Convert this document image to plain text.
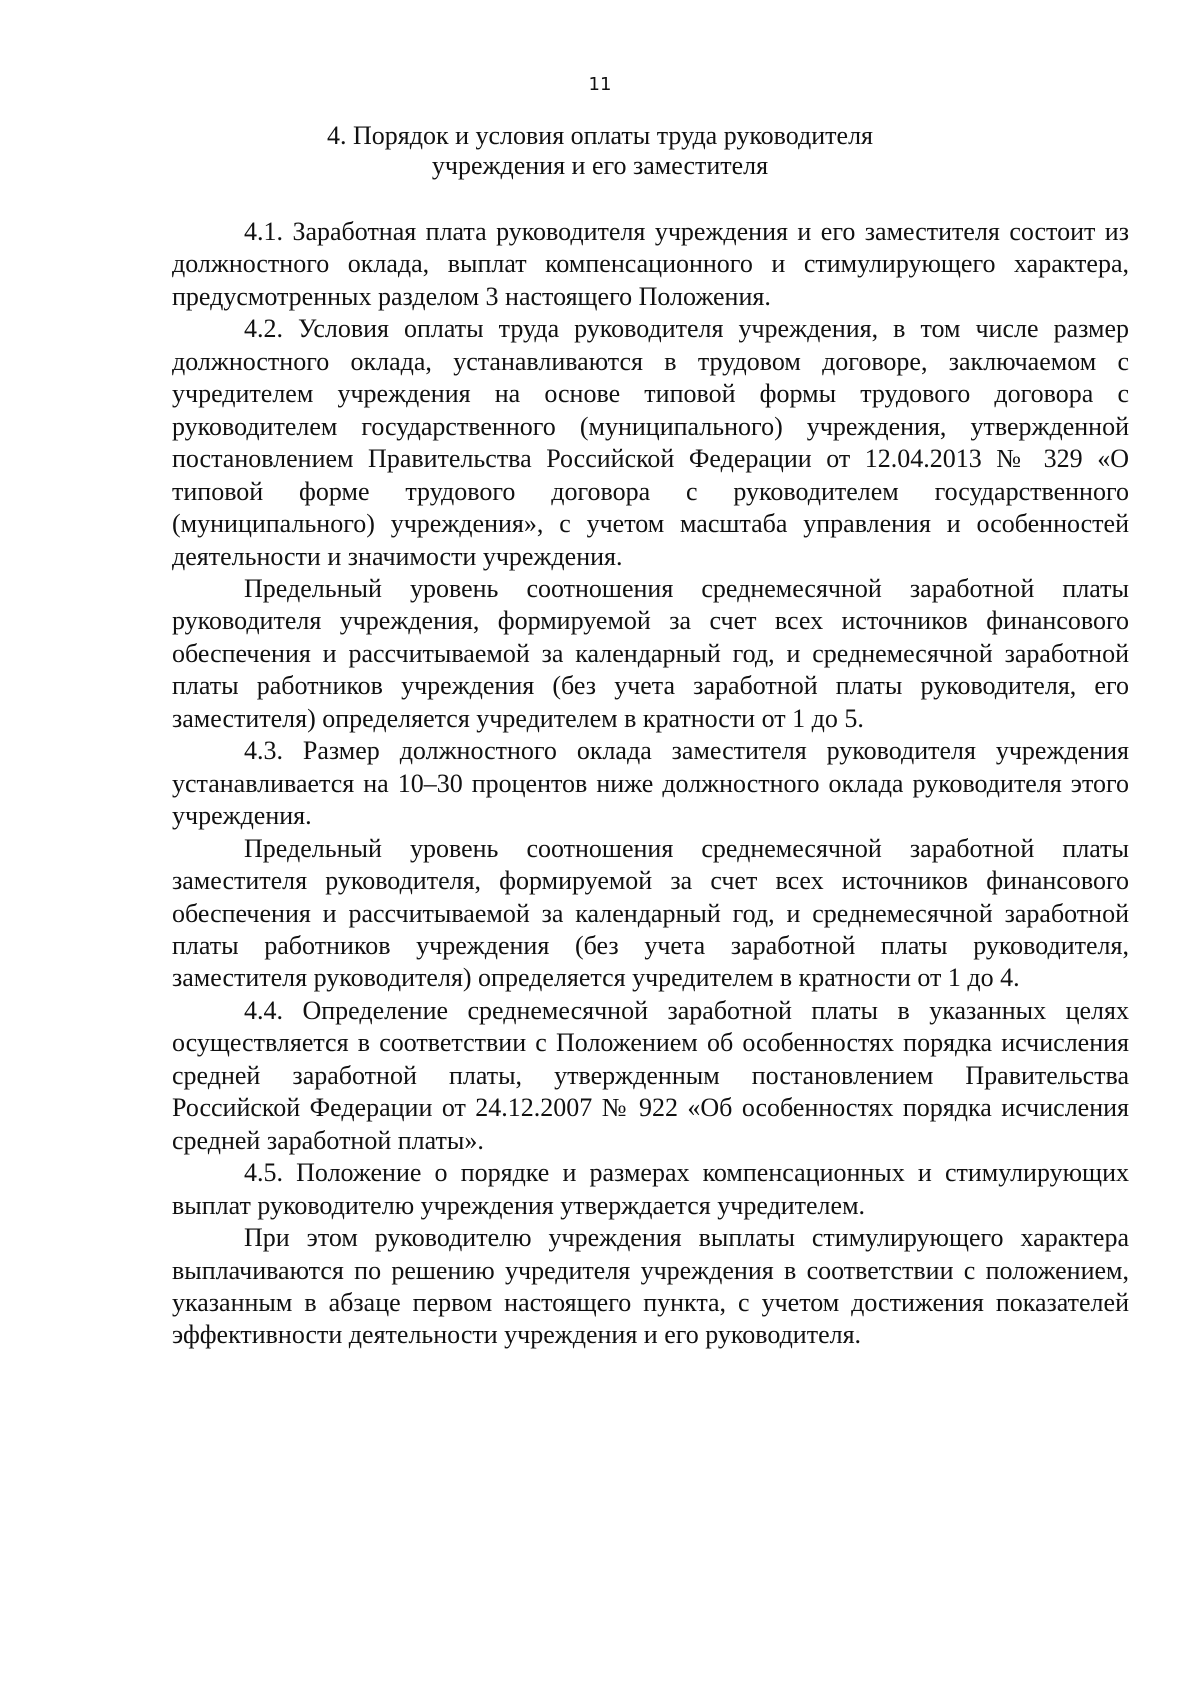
11
4. Порядок и условия оплаты труда руководителя
учреждения и его заместителя

4.1. Заработная плата руководителя учреждения и его заместителя состоит из должностного оклада, выплат компенсационного и стимулирующего характера, предусмотренных разделом 3 настоящего Положения.

4.2. Условия оплаты труда руководителя учреждения, в том числе размер должностного оклада, устанавливаются в трудовом договоре, заключаемом с учредителем учреждения на основе типовой формы трудового договора с руководителем государственного (муниципального) учреждения, утвержденной постановлением Правительства Российской Федерации от 12.04.2013 № 329 «О типовой форме трудового договора с руководителем государственного (муниципального) учреждения», с учетом масштаба управления и особенностей деятельности и значимости учреждения.

Предельный уровень соотношения среднемесячной заработной платы руководителя учреждения, формируемой за счет всех источников финансового обеспечения и рассчитываемой за календарный год, и среднемесячной заработной платы работников учреждения (без учета заработной платы руководителя, его заместителя) определяется учредителем в кратности от 1 до 5.

4.3. Размер должностного оклада заместителя руководителя учреждения устанавливается на 10–30 процентов ниже должностного оклада руководителя этого учреждения.

Предельный уровень соотношения среднемесячной заработной платы заместителя руководителя, формируемой за счет всех источников финансового обеспечения и рассчитываемой за календарный год, и среднемесячной заработной платы работников учреждения (без учета заработной платы руководителя, заместителя руководителя) определяется учредителем в кратности от 1 до 4.

4.4. Определение среднемесячной заработной платы в указанных целях осуществляется в соответствии с Положением об особенностях порядка исчисления средней заработной платы, утвержденным постановлением Правительства Российской Федерации от 24.12.2007 № 922 «Об особенностях порядка исчисления средней заработной платы».

4.5. Положение о порядке и размерах компенсационных и стимулирующих выплат руководителю учреждения утверждается учредителем.

При этом руководителю учреждения выплаты стимулирующего характера выплачиваются по решению учредителя учреждения в соответствии с положением, указанным в абзаце первом настоящего пункта, с учетом достижения показателей эффективности деятельности учреждения и его руководителя.
